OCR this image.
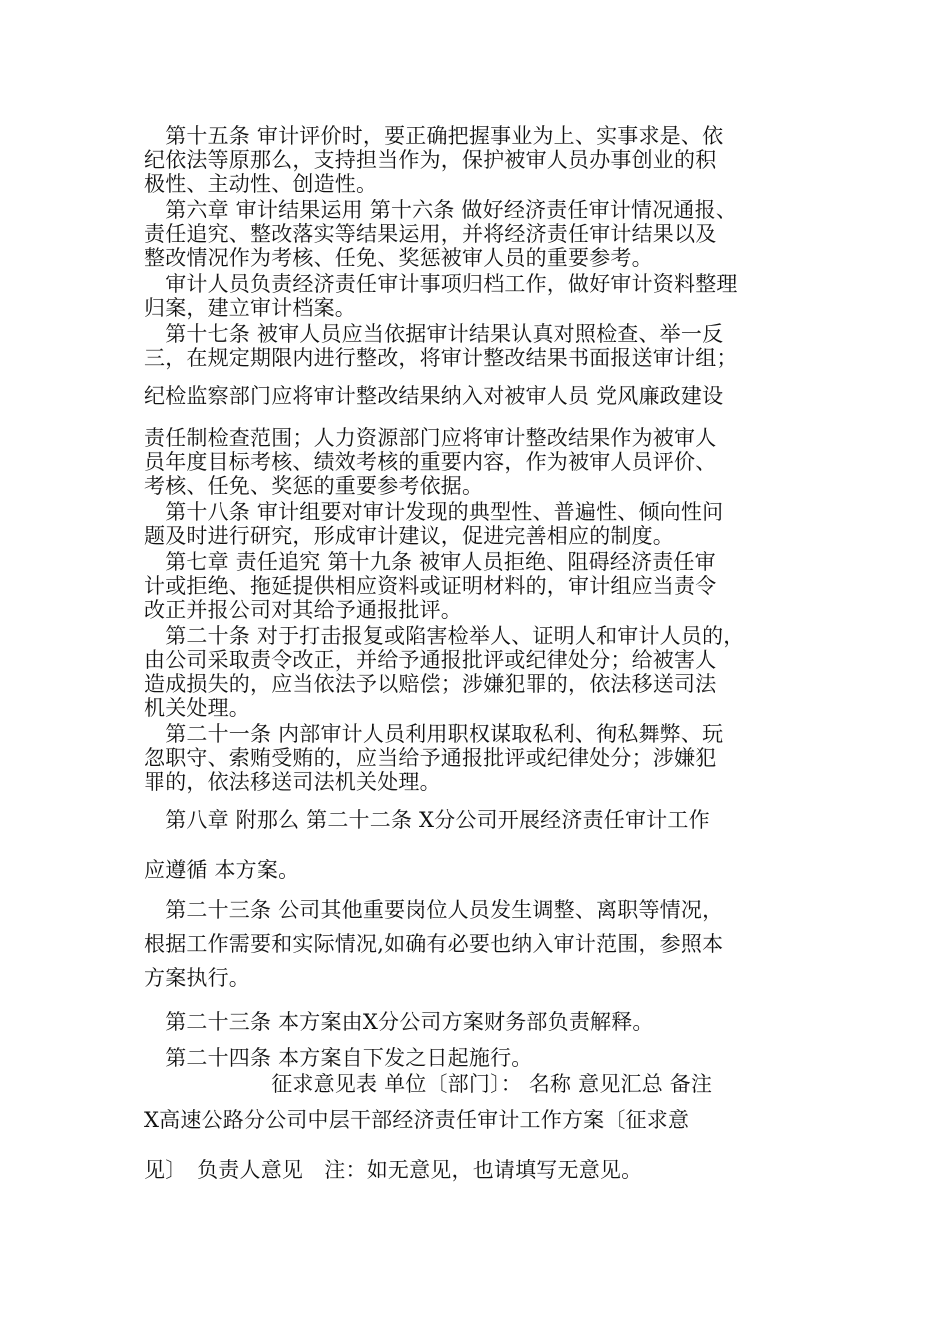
　第十五条 审计评价时，要正确把握事业为上、实事求是、依
纪依法等原那么，支持担当作为，保护被审人员办事创业的积
极性、主动性、创造性。
　第六章 审计结果运用 第十六条 做好经济责任审计情况通报、
责任追究、整改落实等结果运用，并将经济责任审计结果以及
整改情况作为考核、任免、奖惩被审人员的重要参考。
　审计人员负责经济责任审计事项归档工作，做好审计资料整理
归案，建立审计档案。
　第十七条 被审人员应当依据审计结果认真对照检查、举一反
三，在规定期限内进行整改，将审计整改结果书面报送审计组；
纪检监察部门应将审计整改结果纳入对被审人员 党风廉政建设
责任制检查范围；人力资源部门应将审计整改结果作为被审人
员年度目标考核、绩效考核的重要内容，作为被审人员评价、
考核、任免、奖惩的重要参考依据。
　第十八条 审计组要对审计发现的典型性、普遍性、倾向性问
题及时进行研究，形成审计建议，促进完善相应的制度。
　第七章 责任追究 第十九条 被审人员拒绝、阻碍经济责任审
计或拒绝、拖延提供相应资料或证明材料的，审计组应当责令
改正并报公司对其给予通报批评。
　第二十条 对于打击报复或陷害检举人、证明人和审计人员的，
由公司采取责令改正，并给予通报批评或纪律处分；给被害人
造成损失的，应当依法予以赔偿；涉嫌犯罪的，依法移送司法
机关处理。
　第二十一条 内部审计人员利用职权谋取私利、徇私舞弊、玩
忽职守、索贿受贿的，应当给予通报批评或纪律处分；涉嫌犯
罪的，依法移送司法机关处理。
　第八章 附那么 第二十二条 X分公司开展经济责任审计工作
应遵循 本方案。
　第二十三条 公司其他重要岗位人员发生调整、离职等情况，
根据工作需要和实际情况,如确有必要也纳入审计范围，参照本
方案执行。
　第二十三条 本方案由X分公司方案财务部负责解释。
　第二十四条 本方案自下发之日起施行。
　　　　　　征求意见表 单位〔部门〕： 名称 意见汇总 备注
X高速公路分公司中层干部经济责任审计工作方案〔征求意
见〕　负责人意见　注：如无意见，也请填写无意见。
